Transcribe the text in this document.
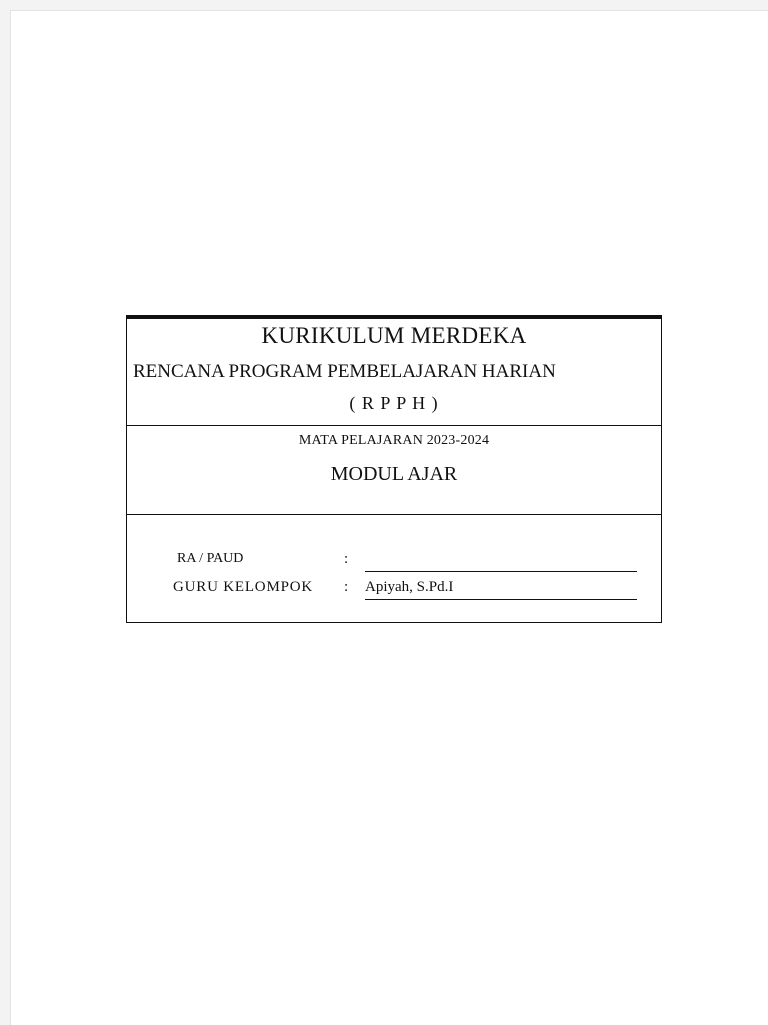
KURIKULUM MERDEKA
RENCANA PROGRAM PEMBELAJARAN HARIAN
( R P P H )
MATA PELAJARAN 2023-2024
MODUL AJAR
RA / PAUD	:
GURU KELOMPOK : Apiyah, S.Pd.I
